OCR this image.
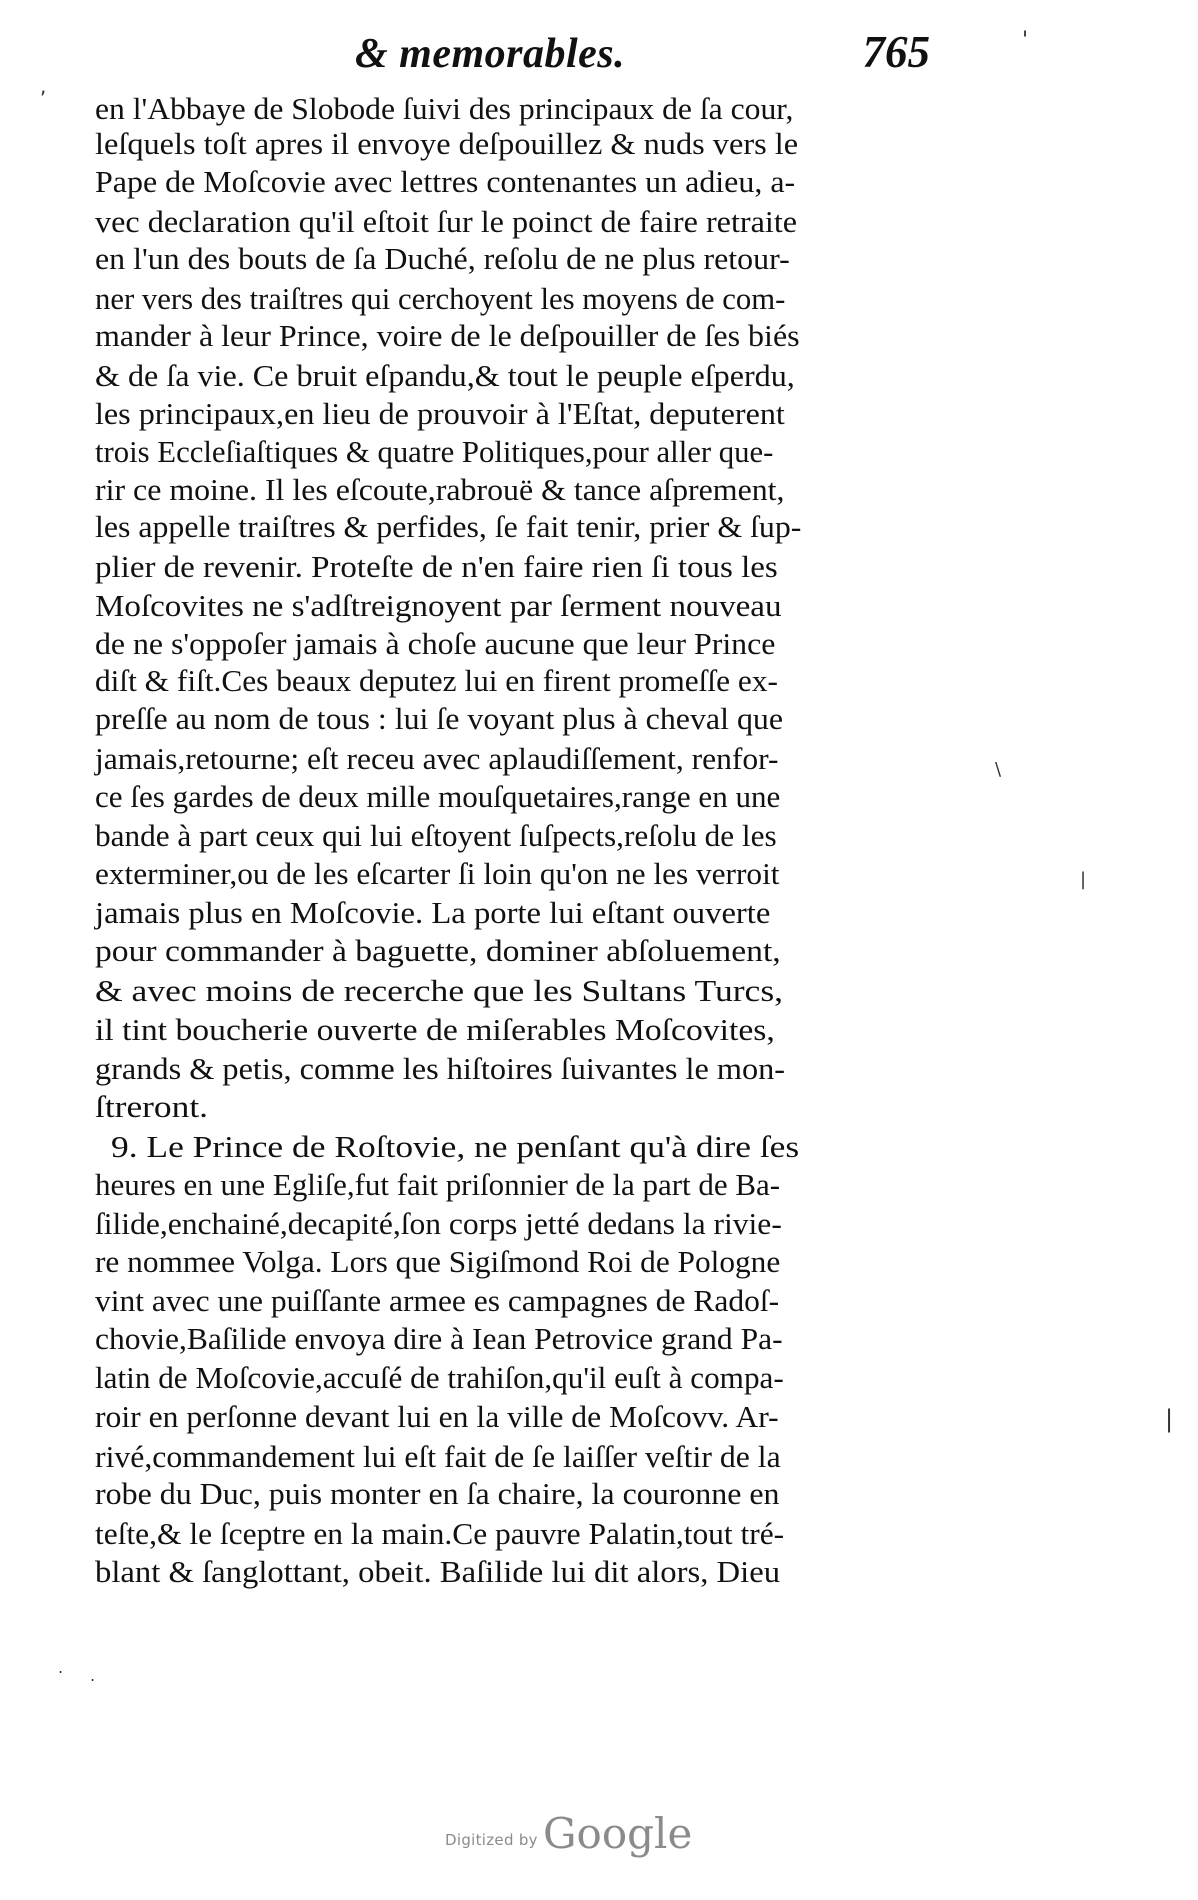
& memorables.	765
en l'Abbaye de Slobode ſuivi des principaux de ſa cour,
leſquels toſt apres il envoye deſpouillez & nuds vers le
Pape de Moſcovie avec lettres contenantes un adieu, a-
vec declaration qu'il eſtoit ſur le poinct de faire retraite
en l'un des bouts de ſa Duché, reſolu de ne plus retour-
ner vers des traiſtres qui cerchoyent les moyens de com-
mander à leur Prince, voire de le deſpouiller de ſes biés
& de ſa vie. Ce bruit eſpandu,& tout le peuple eſperdu,
les principaux,en lieu de prouvoir à l'Eſtat, deputerent
trois Eccleſiaſtiques & quatre Politiques,pour aller que-
rir ce moine. Il les eſcoute,rabrouë & tance aſprement,
les appelle traiſtres & perfides, ſe fait tenir, prier & ſup-
plier de revenir. Proteſte de n'en faire rien ſi tous les
Moſcovites ne s'adſtreignoyent par ſerment nouveau
de ne s'oppoſer jamais à choſe aucune que leur Prince
diſt & fiſt.Ces beaux deputez lui en firent promeſſe ex-
preſſe au nom de tous : lui ſe voyant plus à cheval que
jamais,retourne; eſt receu avec aplaudiſſement, renfor-
ce ſes gardes de deux mille mouſquetaires,range en une
bande à part ceux qui lui eſtoyent ſuſpects,reſolu de les
exterminer,ou de les eſcarter ſi loin qu'on ne les verroit
jamais plus en Moſcovie. La porte lui eſtant ouverte
pour commander à baguette, dominer abſoluement,
& avec moins de recerche que les Sultans Turcs,
il tint boucherie ouverte de miſerables Moſcovites,
grands & petis, comme les hiſtoires ſuivantes le mon-
ſtreront.
9. Le Prince de Roſtovie, ne penſant qu'à dire ſes
heures en une Egliſe,fut fait priſonnier de la part de Ba-
ſilide,enchainé,decapité,ſon corps jetté dedans la rivie-
re nommee Volga. Lors que Sigiſmond Roi de Pologne
vint avec une puiſſante armee es campagnes de Radoſ-
chovie,Baſilide envoya dire à Iean Petrovice grand Pa-
latin de Moſcovie,accuſé de trahiſon,qu'il euſt à compa-
roir en perſonne devant lui en la ville de Moſcovv. Ar-
rivé,commandement lui eſt fait de ſe laiſſer veſtir de la
robe du Duc, puis monter en ſa chaire, la couronne en
teſte,& le ſceptre en la main.Ce pauvre Palatin,tout tré-
blant & ſanglottant, obeit. Baſilide lui dit alors, Dieu
,
'
\
|
|
. .
Digitized by Google
